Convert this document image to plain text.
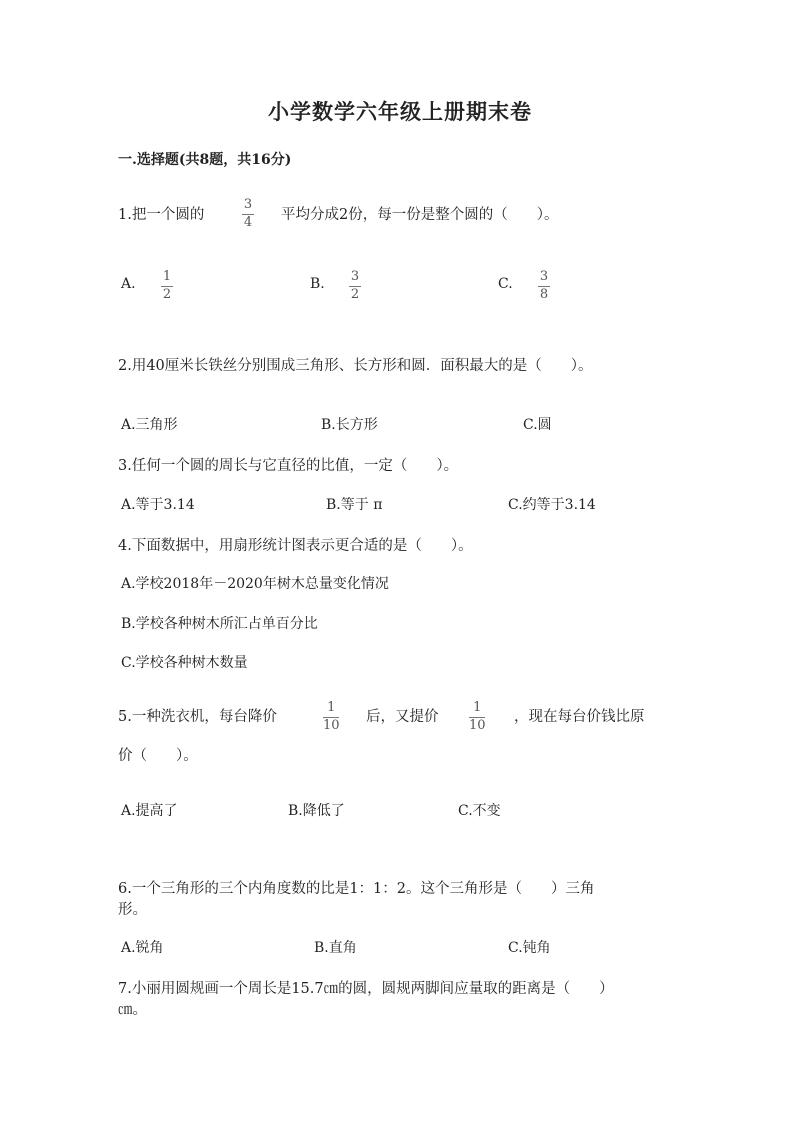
小学数学六年级上册期末卷
一.选择题(共8题，共16分)
1.把一个圆的
3
4 平均分成2份，每一份是整个圆的（　　）。
A. 1
2
B. 3
2
C. 3
8
2.用40厘米长铁丝分别围成三角形、长方形和圆．面积最大的是（　　）。
A.三角形	B.长方形	C.圆
3.任何一个圆的周长与它直径的比值，一定（　　）。
A.等于3.14	B.等于 π	C.约等于3.14
4.下面数据中，用扇形统计图表示更合适的是（　　）。
A.学校2018年－2020年树木总量变化情况
B.学校各种树木所汇占单百分比
C.学校各种树木数量
5.一种洗衣机，每台降价
1
10
后，又提价
1
10
，现在每台价钱比原
价（　　）。
A.提高了	B.降低了	C.不变
6.一个三角形的三个内角度数的比是1：1：2。这个三角形是（　　）三角
形。
A.锐角	B.直角	C.钝角
7.小丽用圆规画一个周长是15.7㎝的圆，圆规两脚间应量取的距离是（　　）
㎝。
